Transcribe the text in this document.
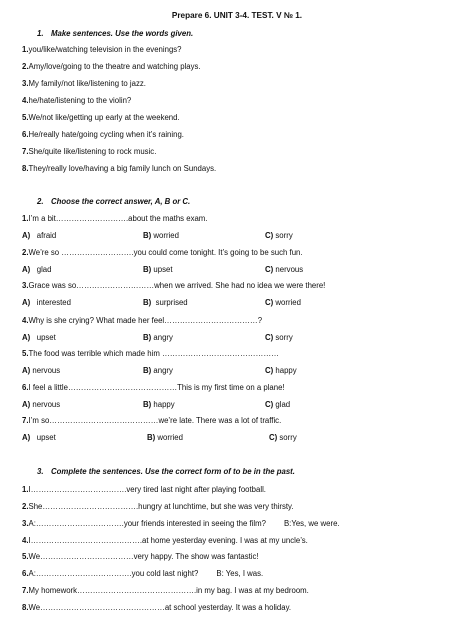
Prepare 6. UNIT 3-4. TEST. V № 1.
1. Make sentences. Use the words given.
1.you/like/watching television in the evenings?
2.Amy/love/going to the theatre and watching plays.
3.My family/not like/listening to jazz.
4.he/hate/listening to the violin?
5.We/not like/getting up early at the weekend.
6.He/really hate/going cycling when it’s raining.
7.She/quite like/listening to rock music.
8.They/really love/having a big family lunch on Sundays.
2. Choose the correct answer, A, B or C.
1.I’m a bit……………………….about the maths exam.
A) afraid	B) worried	C) sorry
2.We’re so ……………………….you could come tonight. It’s going to be such fun.
A) glad	B) upset	C) nervous
3.Grace was so…………………………when we arrived. She had no idea we were there!
A) interested	B) surprised	C) worried
4.Why is she crying? What made her feel………………………………?
A) upset	B) angry	C) sorry
5.The food was terrible which made him ………………………………………
A) nervous	B) angry	C) happy
6.I feel a little……………………………………This is my first time on a plane!
A) nervous	B) happy	C) glad
7.I’m so……………………………………we’re late. There was a lot of traffic.
A) upset	B) worried	C) sorry
3. Complete the sentences. Use the correct form of to be in the past.
1.I……………………………….very tired last night after playing football.
2.She……………………………….hungry at lunchtime, but she was very thirsty.
3.A:…………………………….your friends interested in seeing the film? B:Yes, we were.
4.I…………………………………….at home yesterday evening. I was at my uncle’s.
5.We………………………………very happy. The show was fantastic!
6.A:……………………………….you cold last night? B: Yes, I was.
7.My homework……………………………………….in my bag. I was at my bedroom.
8.We…………………………………………at school yesterday. It was a holiday.
